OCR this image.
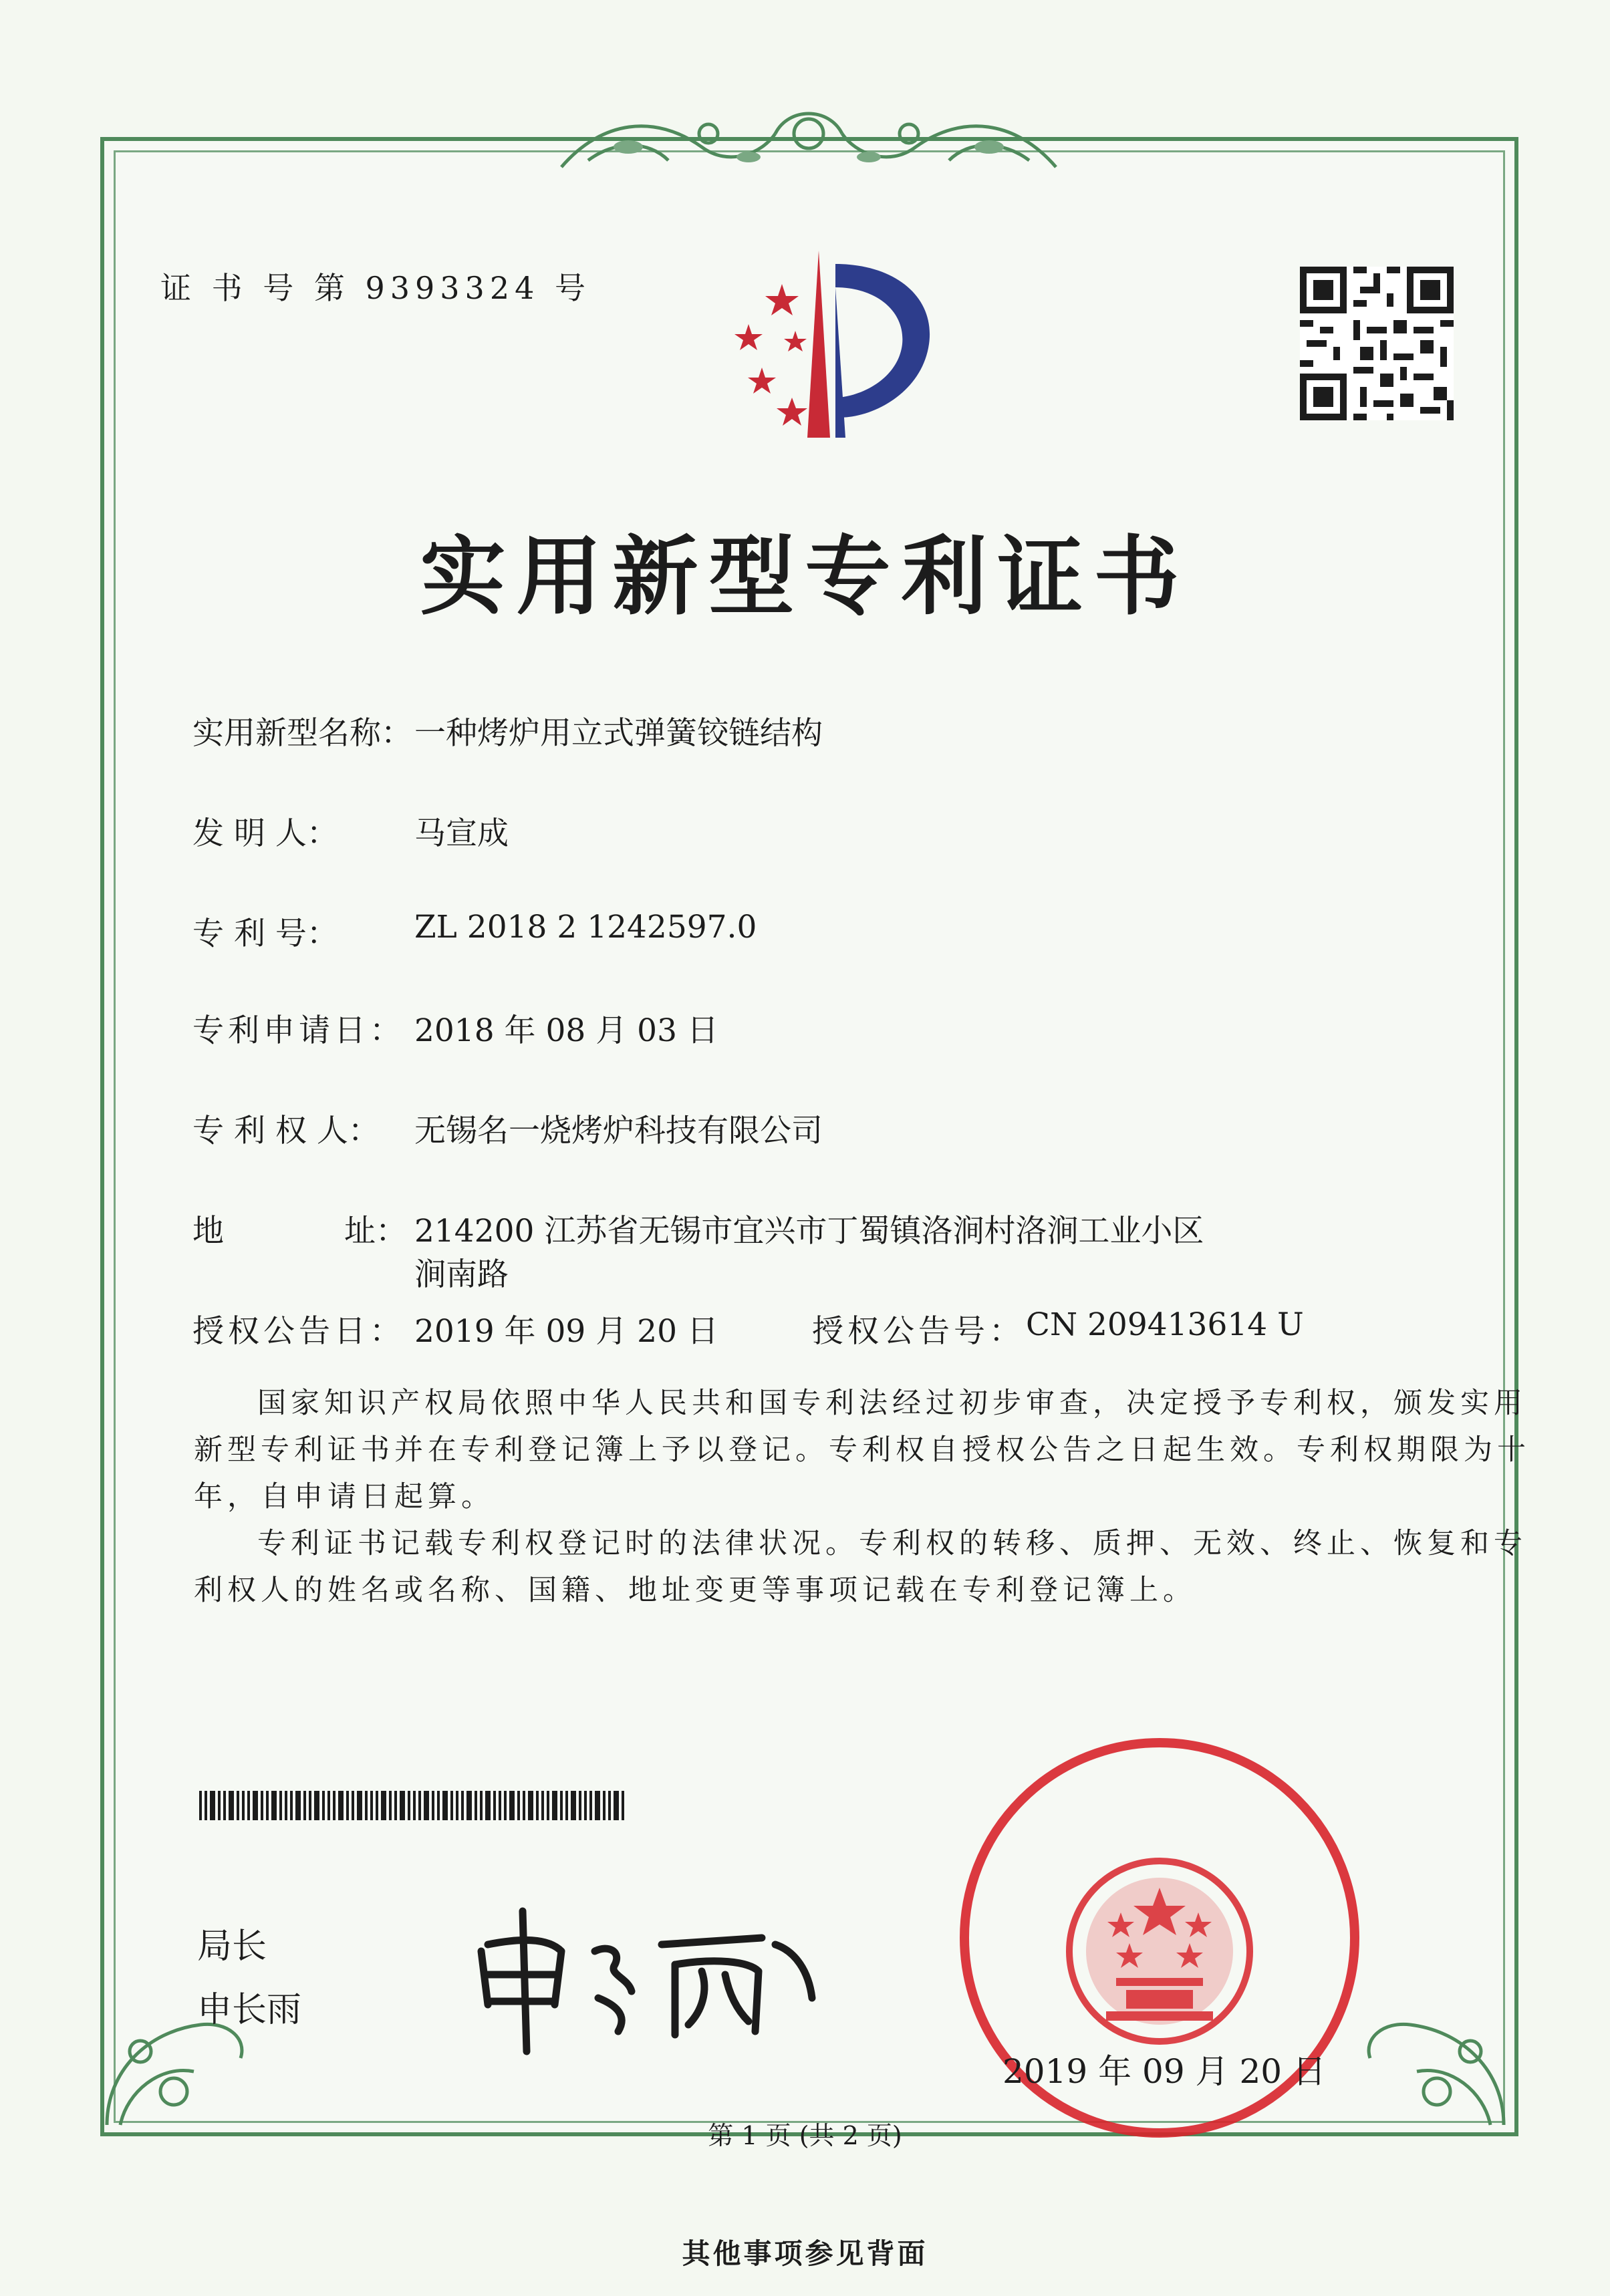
证 书 号 第 9393324 号
实用新型专利证书
实用新型名称： 一种烤炉用立式弹簧铰链结构
发 明 人： 马宣成
专 利 号： ZL 2018 2 1242597.0
专利申请日： 2018 年 08 月 03 日
专 利 权 人： 无锡名一烧烤炉科技有限公司
地	址： 214200 江苏省无锡市宜兴市丁蜀镇洛涧村洛涧工业小区
涧南路
授权公告日： 2019 年 09 月 20 日	授权公告号： CN 209413614 U
国家知识产权局依照中华人民共和国专利法经过初步审查，决定授予专利权，颁发实用
新型专利证书并在专利登记簿上予以登记。专利权自授权公告之日起生效。专利权期限为十
年，自申请日起算。
专利证书记载专利权登记时的法律状况。专利权的转移、质押、无效、终止、恢复和专
利权人的姓名或名称、国籍、地址变更等事项记载在专利登记簿上。
局长
申长雨
2019 年 09 月 20 日
第 1 页 (共 2 页)
其他事项参见背面
